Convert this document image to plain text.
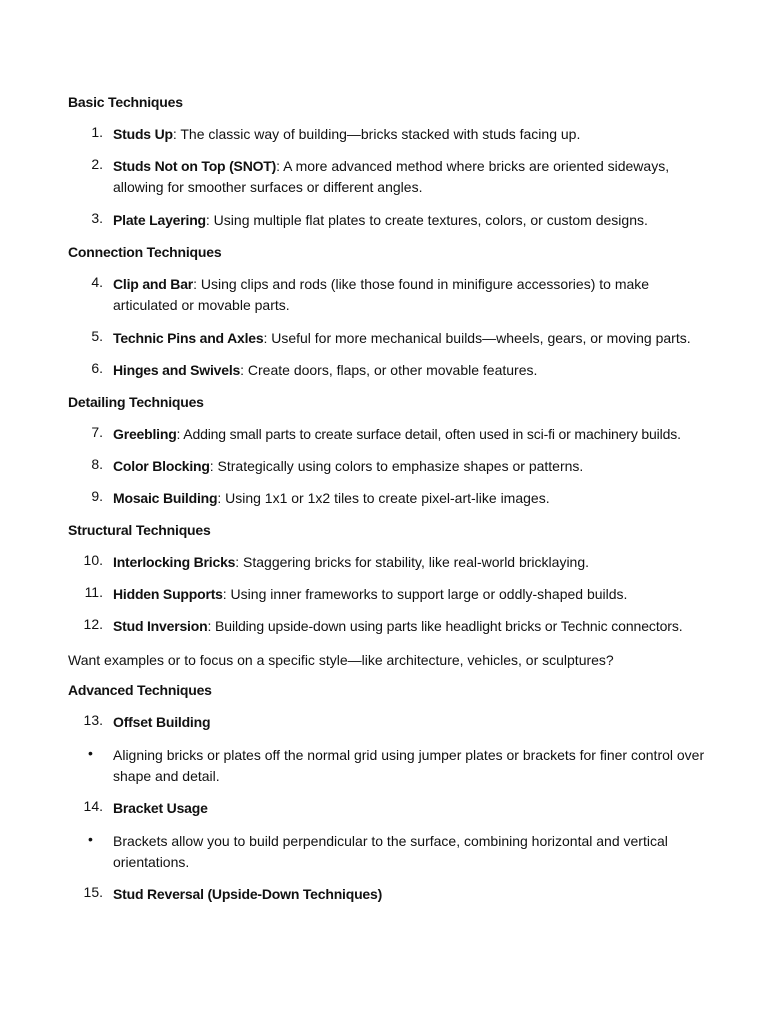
Basic Techniques
1. Studs Up: The classic way of building—bricks stacked with studs facing up.
2. Studs Not on Top (SNOT): A more advanced method where bricks are oriented sideways, allowing for smoother surfaces or different angles.
3. Plate Layering: Using multiple flat plates to create textures, colors, or custom designs.
Connection Techniques
4. Clip and Bar: Using clips and rods (like those found in minifigure accessories) to make articulated or movable parts.
5. Technic Pins and Axles: Useful for more mechanical builds—wheels, gears, or moving parts.
6. Hinges and Swivels: Create doors, flaps, or other movable features.
Detailing Techniques
7. Greebling: Adding small parts to create surface detail, often used in sci-fi or machinery builds.
8. Color Blocking: Strategically using colors to emphasize shapes or patterns.
9. Mosaic Building: Using 1x1 or 1x2 tiles to create pixel-art-like images.
Structural Techniques
10. Interlocking Bricks: Staggering bricks for stability, like real-world bricklaying.
11. Hidden Supports: Using inner frameworks to support large or oddly-shaped builds.
12. Stud Inversion: Building upside-down using parts like headlight bricks or Technic connectors.
Want examples or to focus on a specific style—like architecture, vehicles, or sculptures?
Advanced Techniques
13. Offset Building
• Aligning bricks or plates off the normal grid using jumper plates or brackets for finer control over shape and detail.
14. Bracket Usage
• Brackets allow you to build perpendicular to the surface, combining horizontal and vertical orientations.
15. Stud Reversal (Upside-Down Techniques)
